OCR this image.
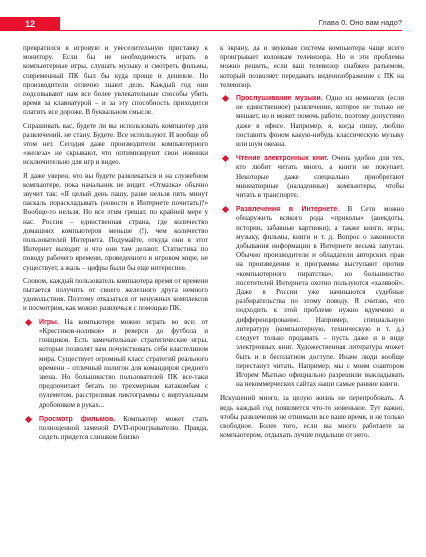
12	Глава 0. Оно вам надо?

превратился в игровую и увеселительную приставку к монитору. Если бы не необходимость играть в компьютерные игры, слушать музыку и смотреть фильмы, современный ПК был бы куда проще и дешевле. Но производители отлично знают дело. Каждый год они подсовывают нам все более увлекательные способы убить время за клавиатурой – и за эту способность приходится платить все дороже. В буквальном смысле.

Спрашивать вас, будете ли вы использовать компьютер для развлечений, не стану. Будете. Все используют. И вообще об этом нет. Сегодня даже производители компьютерного «железа» не скрывают, что оптимизируют свои новинки исключительно для игр и видео.

Я даже уверен, что вы будете развлекаться и на служебном компьютере, пока начальник не видит. «Отмазка» обычно звучит так: «Я целый день пашу, разве нельзя пять минут паскаль пораскладывать (новости в Интернете почитать)?» Вообще-то нельзя. Но все этим грешат, по крайней мере у нас. Россия – единственная страна, где количество домашних компьютеров меньше (!), чем количество пользователей Интернета. Подумайте, откуда они в этот Интернет выходят и что они там делают. Статистика по поводу рабочего времени, проведенного в игровом мире, не существует, а жаль – цифры были бы еще интереснее.

Словом, каждый пользователь компьютера время от времени пытается получить от своего железного друга немного удовольствия. Поэтому отказаться от ненужных комплексов и посмотрим, как можно развлечься с помощью ПК.

Игры. На компьютере можно играть во все: от «Крестиков-ноликов» и реверси до футбола и гонщиков. Есть замечательные стратегические игры, которые позволят вам почувствовать себя властелином мира. Существует огромный класс стратегий реального времени – отличный полигон для командиров среднего звена. Но большинство пользователей ПК все-таки предпочитает бегать по трехмерным катакомбам с пулеметом, расстреливая пиктограммы с виртуальным дробовиком в руках...
Просмотр фильмов. Компьютер может стать полноценной заменой DVD-проигрывателю. Правда, сидеть придется слишком близко

к экрану, да и звуковая система компьютера чаще всего проигрывает колонкам телевизора. Но и эти проблемы можно решить, если ваш телевизор снабжен разъемом, который позволяет передавать видеоизображение с ПК на телевизор.

Прослушивание музыки. Одно из немногих (если не единственное) развлечение, которое не только не мешает, но и может помочь работе, поэтому допустимо даже в офисе. Например, я, когда пишу, люблю поставить фоном какую-нибудь классическую музыку или шум океана.
Чтение электронных книг. Очень удобно для тех, кто любит читать много, а книги не покупает. Некоторые даже специально приобретают миниатюрные (наладонные) компьютеры, чтобы читать в транспорте.
Развлечения в Интернете. В Сети можно обнаружить всякого рода «приколы» (анекдоты, истории, забавные картинки), а также книги, игры, музыку, фильмы, книги и т. д. Вопрос о законности добывания информации в Интернете весьма запутан. Обычно производители и обладатели авторских прав на произведения и программы выступают против «компьютерного пиратства», но большинство посетителей Интернета охотно пользуются «халявой». Даже в России уже начинаются судебные разбирательства по этому поводу. Я считаю, что подходить к этой проблеме нужно вдумчиво и дифференцированно. Например, специальную литературу (компьютерную, техническую и т. д.) следует только продавать – пусть даже и в виде электронных книг. Художественная литература может быть и в бесплатном доступе. Иначе люди вообще перестанут читать. Например, мы с моим соавтором Игорем Мытько официально разрешили выкладывать на некоммерческих сайтах наши самые ранние книги.

Искушений много, за целую жизнь не перепробовать. А ведь каждый год появляется что-то новенькое. Тут важно, чтобы развлечения не отнимали все ваше время, и не только свободное. Более того, если вы много работаете за компьютером, отдыхать лучше подальше от него.
